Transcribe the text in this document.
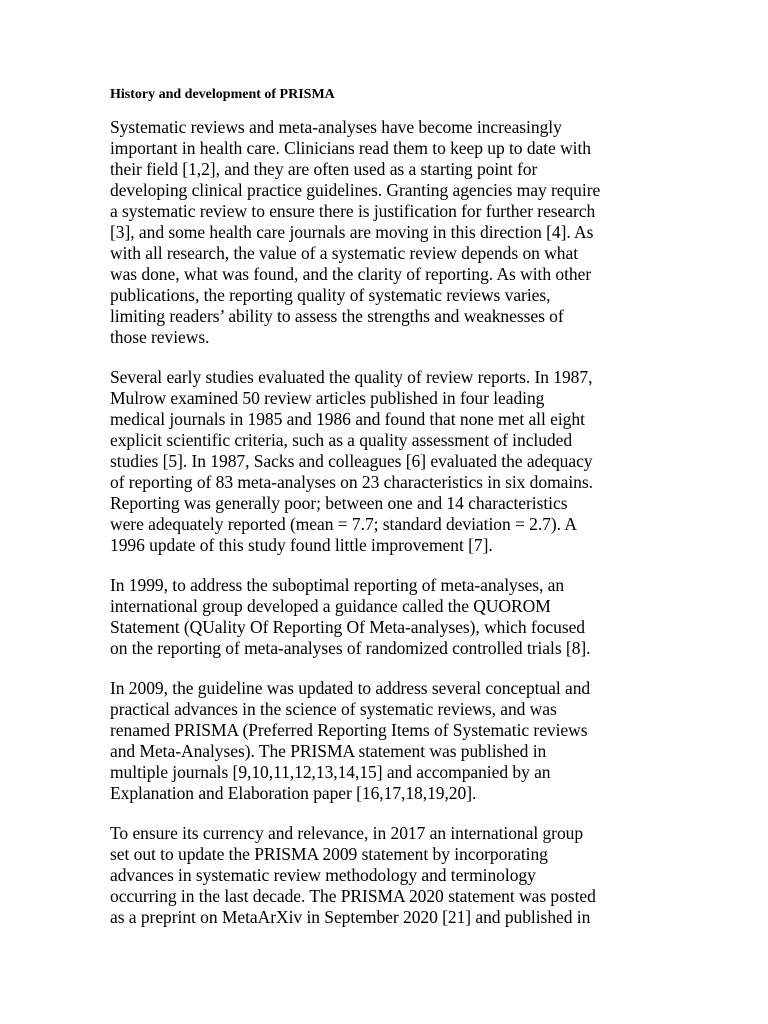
History and development of PRISMA
Systematic reviews and meta-analyses have become increasingly
important in health care. Clinicians read them to keep up to date with
their field [1,2], and they are often used as a starting point for
developing clinical practice guidelines. Granting agencies may require
a systematic review to ensure there is justification for further research
[3], and some health care journals are moving in this direction [4]. As
with all research, the value of a systematic review depends on what
was done, what was found, and the clarity of reporting. As with other
publications, the reporting quality of systematic reviews varies,
limiting readers’ ability to assess the strengths and weaknesses of
those reviews.
Several early studies evaluated the quality of review reports. In 1987,
Mulrow examined 50 review articles published in four leading
medical journals in 1985 and 1986 and found that none met all eight
explicit scientific criteria, such as a quality assessment of included
studies [5]. In 1987, Sacks and colleagues [6] evaluated the adequacy
of reporting of 83 meta-analyses on 23 characteristics in six domains.
Reporting was generally poor; between one and 14 characteristics
were adequately reported (mean = 7.7; standard deviation = 2.7). A
1996 update of this study found little improvement [7].
In 1999, to address the suboptimal reporting of meta-analyses, an
international group developed a guidance called the QUOROM
Statement (QUality Of Reporting Of Meta-analyses), which focused
on the reporting of meta-analyses of randomized controlled trials [8].
In 2009, the guideline was updated to address several conceptual and
practical advances in the science of systematic reviews, and was
renamed PRISMA (Preferred Reporting Items of Systematic reviews
and Meta-Analyses). The PRISMA statement was published in
multiple journals [9,10,11,12,13,14,15] and accompanied by an
Explanation and Elaboration paper [16,17,18,19,20].
To ensure its currency and relevance, in 2017 an international group
set out to update the PRISMA 2009 statement by incorporating
advances in systematic review methodology and terminology
occurring in the last decade. The PRISMA 2020 statement was posted
as a preprint on MetaArXiv in September 2020 [21] and published in
